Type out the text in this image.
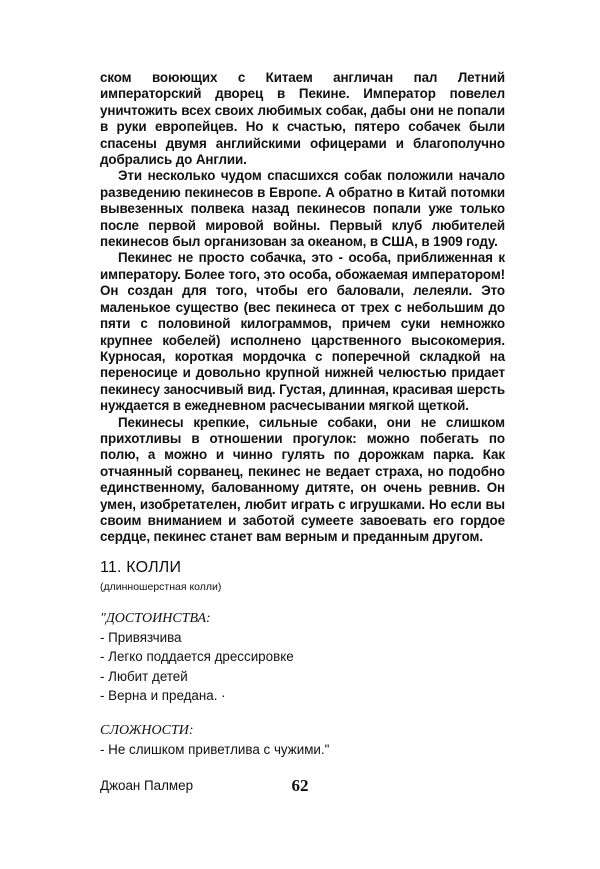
ском воюющих с Китаем англичан пал Летний императорский дворец в Пекине. Император повелел уничтожить всех своих любимых собак, дабы они не попали в руки европейцев. Но к счастью, пятеро собачек были спасены двумя английскими офицерами и благополучно добрались до Англии.

Эти несколько чудом спасшихся собак положили начало разведению пекинесов в Европе. А обратно в Китай потомки вывезенных полвека назад пекинесов попали уже только после первой мировой войны. Первый клуб любителей пекинесов был организован за океаном, в США, в 1909 году.

Пекинес не просто собачка, это - особа, приближенная к императору. Более того, это особа, обожаемая императором! Он создан для того, чтобы его баловали, лелеяли. Это маленькое существо (вес пекинеса от трех с небольшим до пяти с половиной килограммов, причем суки немножко крупнее кобелей) исполнено царственного высокомерия. Курносая, короткая мордочка с поперечной складкой на переносице и довольно крупной нижней челюстью придает пекинесу заносчивый вид. Густая, длинная, красивая шерсть нуждается в ежедневном расчесывании мягкой щеткой.

Пекинесы крепкие, сильные собаки, они не слишком прихотливы в отношении прогулок: можно побегать по полю, а можно и чинно гулять по дорожкам парка. Как отчаянный сорванец, пекинес не ведает страха, но подобно единственному, балованному дитяте, он очень ревнив. Он умен, изобретателен, любит играть с игрушками. Но если вы своим вниманием и заботой сумеете завоевать его гордое сердце, пекинес станет вам верным и преданным другом.

11. КОЛЛИ
(длинношерстная колли)
"ДОСТОИНСТВА:
- Привязчива
- Легко поддается дрессировке
- Любит детей
- Верна и предана. ·
СЛОЖНОСТИ:
- Не слишком приветлива с чужими."
Джоан Палмер	62
